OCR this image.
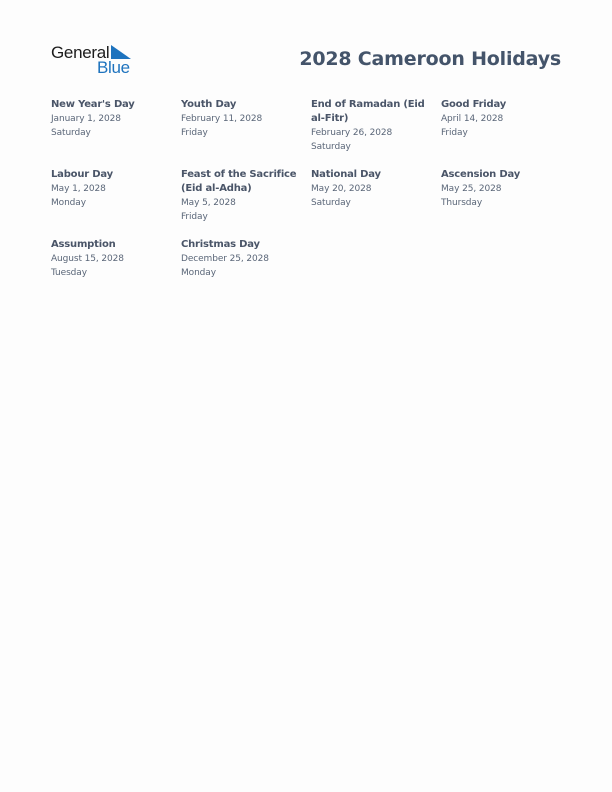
General
Blue	2028 Cameroon Holidays
New Year's Day
January 1, 2028
Saturday
Youth Day
February 11, 2028
Friday
End of Ramadan (Eid al-Fitr)
February 26, 2028
Saturday
Good Friday
April 14, 2028
Friday
Labour Day
May 1, 2028
Monday
Feast of the Sacrifice (Eid al-Adha)
May 5, 2028
Friday
National Day
May 20, 2028
Saturday
Ascension Day
May 25, 2028
Thursday
Assumption
August 15, 2028
Tuesday
Christmas Day
December 25, 2028
Monday
